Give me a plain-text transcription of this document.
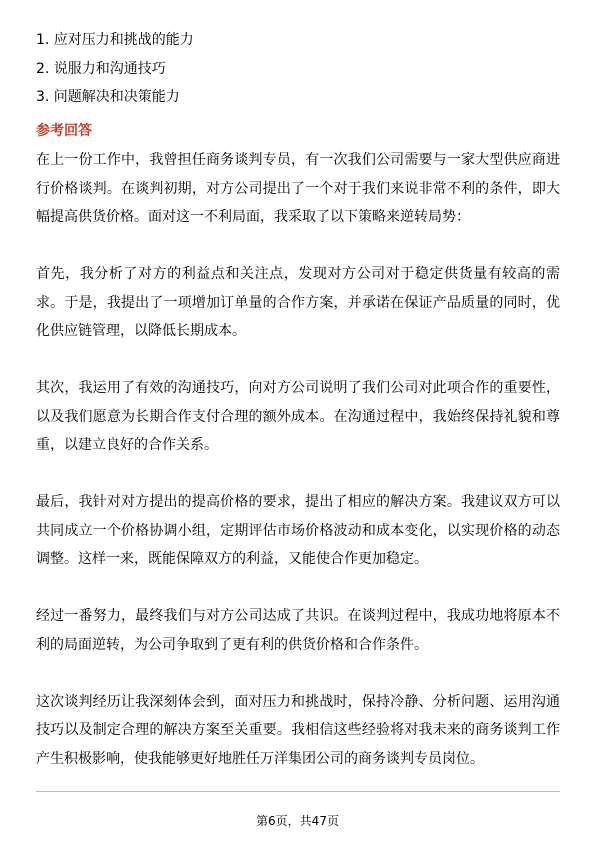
1. 应对压力和挑战的能力
2. 说服力和沟通技巧
3. 问题解决和决策能力
参考回答

在上一份工作中，我曾担任商务谈判专员，有一次我们公司需要与一家大型供应商进行价格谈判。在谈判初期，对方公司提出了一个对于我们来说非常不利的条件，即大幅提高供货价格。面对这一不利局面，我采取了以下策略来逆转局势：

首先，我分析了对方的利益点和关注点，发现对方公司对于稳定供货量有较高的需求。于是，我提出了一项增加订单量的合作方案，并承诺在保证产品质量的同时，优化供应链管理，以降低长期成本。

其次，我运用了有效的沟通技巧，向对方公司说明了我们公司对此项合作的重要性，以及我们愿意为长期合作支付合理的额外成本。在沟通过程中，我始终保持礼貌和尊重，以建立良好的合作关系。

最后，我针对对方提出的提高价格的要求，提出了相应的解决方案。我建议双方可以共同成立一个价格协调小组，定期评估市场价格波动和成本变化，以实现价格的动态调整。这样一来，既能保障双方的利益，又能使合作更加稳定。

经过一番努力，最终我们与对方公司达成了共识。在谈判过程中，我成功地将原本不利的局面逆转，为公司争取到了更有利的供货价格和合作条件。

这次谈判经历让我深刻体会到，面对压力和挑战时，保持冷静、分析问题、运用沟通技巧以及制定合理的解决方案至关重要。我相信这些经验将对我未来的商务谈判工作产生积极影响，使我能够更好地胜任万洋集团公司的商务谈判专员岗位。

第6页，共47页
